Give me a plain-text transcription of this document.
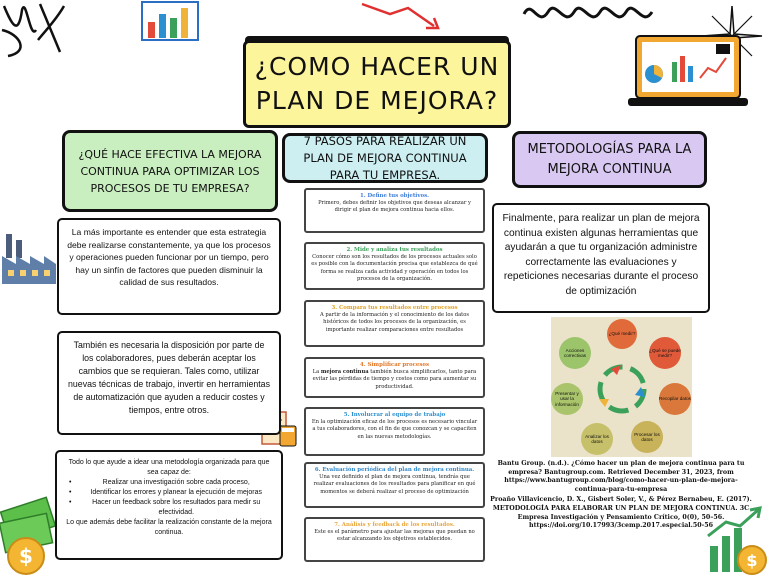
$	$
¿COMO HACER UN
PLAN DE MEJORA?
¿QUÉ HACE EFECTIVA LA MEJORA CONTINUA PARA OPTIMIZAR LOS PROCESOS DE TU EMPRESA?
7 PASOS PARA REALIZAR UN PLAN DE MEJORA CONTINUA PARA TU EMPRESA.
METODOLOGÍAS PARA LA MEJORA CONTINUA
La más importante es entender que esta estrategia debe realizarse constantemente, ya que los procesos y operaciones pueden funcionar por un tiempo, pero hay un sinfín de factores que pueden disminuir la calidad de sus resultados.
También es necesaria la disposición por parte de los colaboradores, pues deberán aceptar los cambios que se requieran. Tales como, utilizar nuevas técnicas de trabajo, invertir en herramientas de automatización que ayuden a reducir costes y tiempos, entre otros.
Todo lo que ayude a idear una metodología organizada para que sea capaz de:
•	Realizar una investigación sobre cada proceso,
•	Identificar los errores y planear la ejecución de mejoras
•	Hacer un feedback sobre los resultados para medir su efectividad.
Lo que además debe facilitar la realización constante de la mejora continua.
1. Define tus objetivos.
Primero, debes definir los objetivos que deseas alcanzar y dirigir el plan de mejora continua hacia ellos.
2. Mide y analiza tus resultados
Conocer cómo son los resultados de los procesos actuales solo es posible con la documentación precisa que establezca de qué forma se realiza cada actividad y operación en todos los procesos de la organización.
3. Compara tus resultados entre procesos
A partir de la información y el conocimiento de los datos históricos de todos los procesos de la organización, es importante realizar comparaciones entre resultados
4. Simplificar procesos
La mejora continua también busca simplificarlos, tanto para evitar las pérdidas de tiempo y costos como para aumentar su productividad.
5. Involucrar al equipo de trabajo
En la optimización eficaz de los procesos es necesario vincular a tus colaboradores, con el fin de que conozcan y se capaciten en las nuevas metodologías.
6. Evaluación periódica del plan de mejora continua.
Una vez definido el plan de mejora continua, tendrás que realizar evaluaciones de los resultados para planificar en qué momentos se deberá realizar el proceso de optimización
7. Análisis y feedback de los resultados.
Este es el parámetro para ajustar las mejoras que puedan no estar alcanzando los objetivos establecidos.
Finalmente, para realizar un plan de mejora continua existen algunas herramientas que ayudarán a que tu organización administre correctamente las evaluaciones y repeticiones necesarias durante el proceso de optimización
¿Qué medir?
¿Qué se puede medir?
Recopilar datos
Procesar los datos
Analizar los datos
Presentar y usar la información
Acciones correctivas
Bantu Group. (n.d.). ¿Cómo hacer un plan de mejora continua para tu empresa? Bantugroup.com. Retrieved December 31, 2023, from https://www.bantugroup.com/blog/como-hacer-un-plan-de-mejora-continua-para-tu-empresa
Proaño Villavicencio, D. X., Gisbert Soler, V., & Pérez Bernabeu, E. (2017). METODOLOGÍA PARA ELABORAR UN PLAN DE MEJORA CONTINUA. 3C Empresa Investigación y Pensamiento Crítico, 0(0), 50–56. https://doi.org/10.17993/3cemp.2017.especial.50-56
